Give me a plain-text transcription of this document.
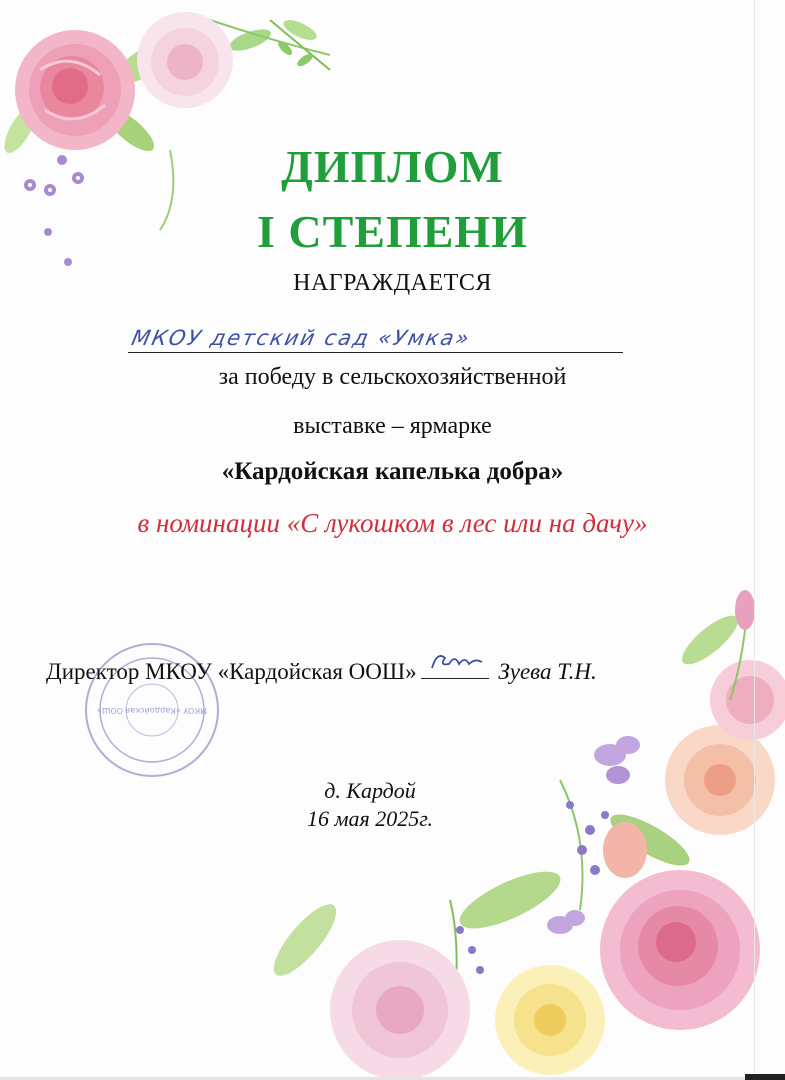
ДИПЛОМ
I СТЕПЕНИ
НАГРАЖДАЕТСЯ
МКОУ детский сад «Умка»
за победу в сельскохозяйственной
выставке – ярмарке
«Кардойская капелька добра»
в номинации «С лукошком в лес или на дачу»
МКОУ «Кардойская ООШ»
Директор МКОУ «Кардойская ООШ»	Зуева Т.Н.
д. Кардой
16 мая 2025г.
